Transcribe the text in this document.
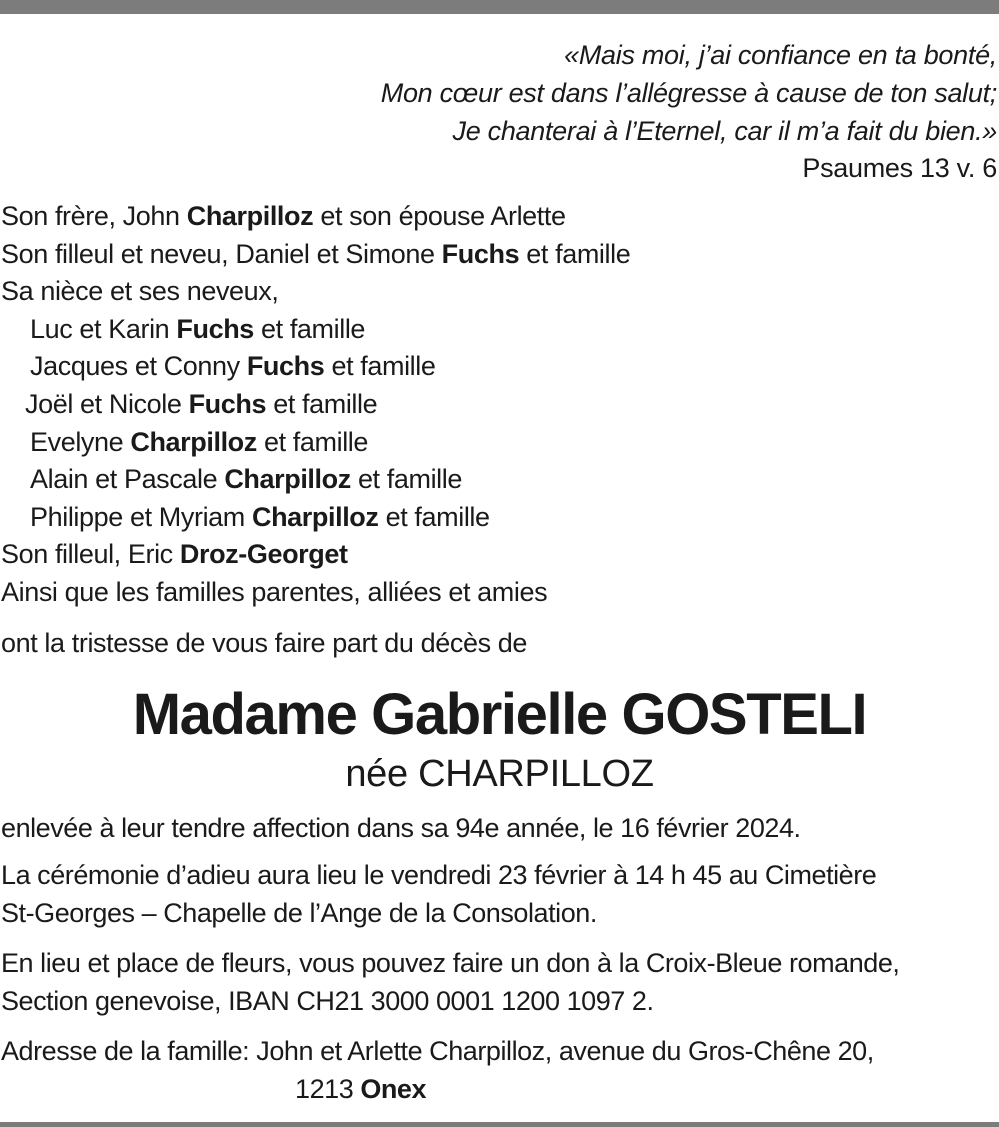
«Mais moi, j’ai confiance en ta bonté,
Mon cœur est dans l’allégresse à cause de ton salut;
Je chanterai à l’Eternel, car il m’a fait du bien.»
Psaumes 13 v. 6
Son frère, John Charpilloz et son épouse Arlette
Son filleul et neveu, Daniel et Simone Fuchs et famille
Sa nièce et ses neveux,
Luc et Karin Fuchs et famille
Jacques et Conny Fuchs et famille
Joël et Nicole Fuchs et famille
Evelyne Charpilloz et famille
Alain et Pascale Charpilloz et famille
Philippe et Myriam Charpilloz et famille
Son filleul, Eric Droz-Georget
Ainsi que les familles parentes, alliées et amies
ont la tristesse de vous faire part du décès de
Madame Gabrielle GOSTELI
née CHARPILLOZ
enlevée à leur tendre affection dans sa 94e année, le 16 février 2024.
La cérémonie d’adieu aura lieu le vendredi 23 février à 14 h 45 au Cimetière
St-Georges – Chapelle de l’Ange de la Consolation.
En lieu et place de fleurs, vous pouvez faire un don à la Croix-Bleue romande,
Section genevoise, IBAN CH21 3000 0001 1200 1097 2.
Adresse de la famille: John et Arlette Charpilloz, avenue du Gros-Chêne 20,
1213 Onex
